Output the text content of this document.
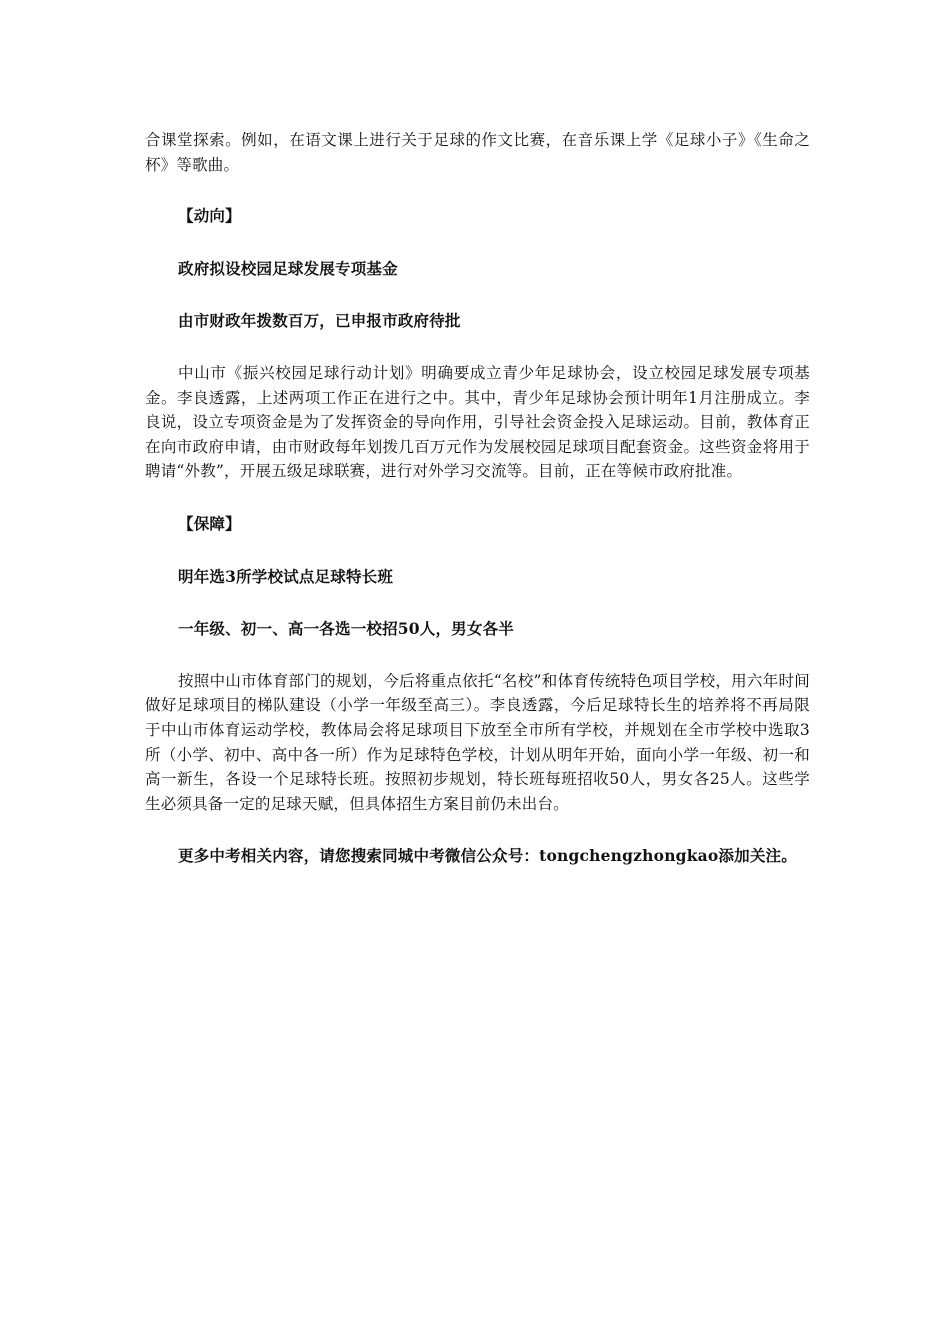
合课堂探索。例如，在语文课上进行关于足球的作文比赛，在音乐课上学《足球小子》《生命之杯》等歌曲。

【动向】

政府拟设校园足球发展专项基金

由市财政年拨数百万，已申报市政府待批

中山市《振兴校园足球行动计划》明确要成立青少年足球协会，设立校园足球发展专项基金。李良透露，上述两项工作正在进行之中。其中，青少年足球协会预计明年1月注册成立。李良说，设立专项资金是为了发挥资金的导向作用，引导社会资金投入足球运动。目前，教体育正在向市政府申请，由市财政每年划拨几百万元作为发展校园足球项目配套资金。这些资金将用于聘请“外教”，开展五级足球联赛，进行对外学习交流等。目前，正在等候市政府批准。

【保障】

明年选3所学校试点足球特长班

一年级、初一、高一各选一校招50人，男女各半

按照中山市体育部门的规划，今后将重点依托“名校”和体育传统特色项目学校，用六年时间做好足球项目的梯队建设（小学一年级至高三）。李良透露，今后足球特长生的培养将不再局限于中山市体育运动学校，教体局会将足球项目下放至全市所有学校，并规划在全市学校中选取3所（小学、初中、高中各一所）作为足球特色学校，计划从明年开始，面向小学一年级、初一和高一新生，各设一个足球特长班。按照初步规划，特长班每班招收50人，男女各25人。这些学生必须具备一定的足球天赋，但具体招生方案目前仍未出台。

更多中考相关内容，请您搜索同城中考微信公众号：tongchengzhongkao添加关注。
